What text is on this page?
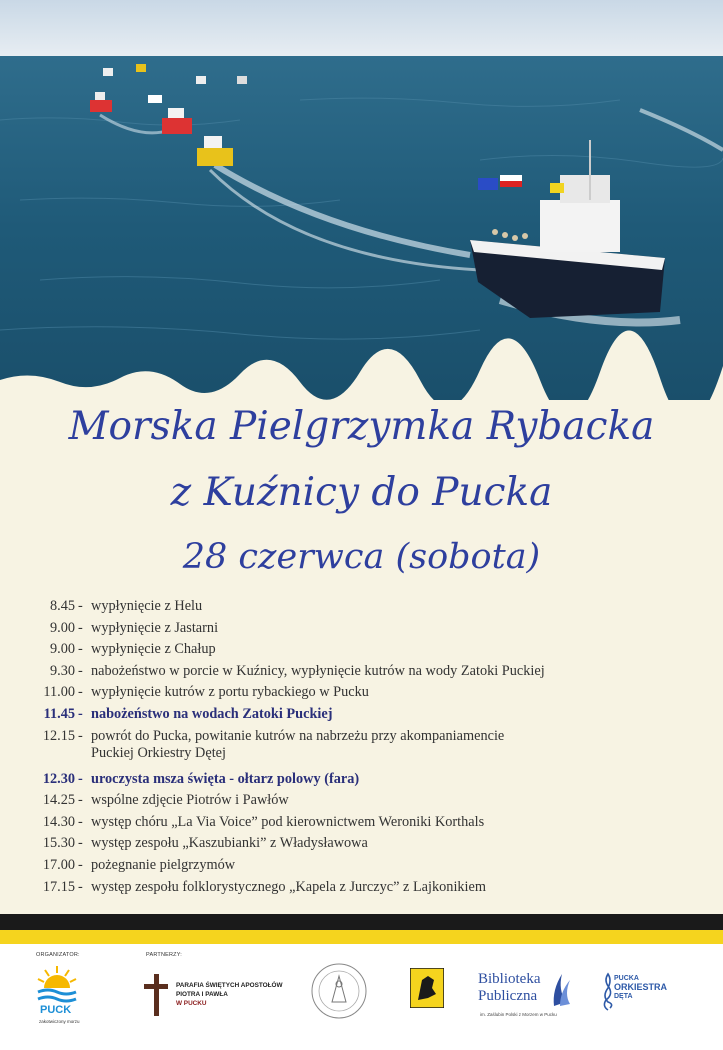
Morska Pielgrzymka Rybacka
z Kuźnicy do Pucka
28 czerwca (sobota)
8.45 - wypłynięcie z Helu
9.00 - wypłynięcie z Jastarni
9.00 - wypłynięcie z Chałup
9.30 - nabożeństwo w porcie w Kuźnicy, wypłynięcie kutrów na wody Zatoki Puckiej
11.00 - wypłynięcie kutrów z portu rybackiego w Pucku
11.45 - nabożeństwo na wodach Zatoki Puckiej
12.15 - powrót do Pucka, powitanie kutrów na nabrzeżu przy akompaniamencie
Puckiej Orkiestry Dętej
12.30 - uroczysta msza święta - ołtarz polowy (fara)
14.25 - wspólne zdjęcie Piotrów i Pawłów
14.30 - występ chóru „La Via Voice” pod kierownictwem Weroniki Korthals
15.30 - występ zespołu „Kaszubianki” z Władysławowa
17.00 - pożegnanie pielgrzymów
17.15 - występ zespołu folklorystycznego „Kapela z Jurczyc” z Lajkonikiem
ORGANIZATOR:	PARTNERZY:
PUCK
zakotwiczony morzu
PARAFIA ŚWIĘTYCH APOSTOŁÓW
PIOTRA I PAWŁA
W PUCKU
Biblioteka
Publiczna
im. Zaślubin Polski z Morzem w Pucku
PUCKA
ORKIESTRA
DĘTA
